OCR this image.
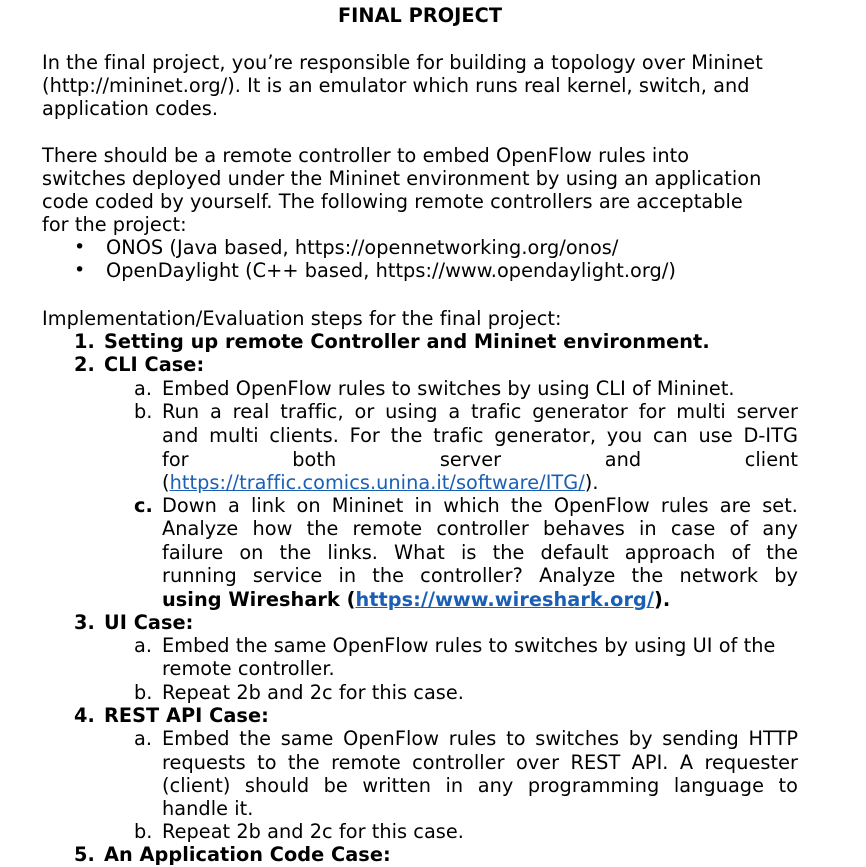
FINAL PROJECT

In the final project, you’re responsible for building a topology over Mininet

(http://mininet.org/). It is an emulator which runs real kernel, switch, and

application codes.

There should be a remote controller to embed OpenFlow rules into

switches deployed under the Mininet environment by using an application

code coded by yourself. The following remote controllers are acceptable

for the project:

• ONOS (Java based, https://opennetworking.org/onos/

• OpenDaylight (C++ based, https://www.opendaylight.org/)

Implementation/Evaluation steps for the final project:

1. Setting up remote Controller and Mininet environment.

2. CLI Case:

a. Embed OpenFlow rules to switches by using CLI of Mininet.

b. Run a real traffic, or using a trafic generator for multi server

and multi clients. For the trafic generator, you can use D-ITG

for both server and client

(https://traffic.comics.unina.it/software/ITG/).

c. Down a link on Mininet in which the OpenFlow rules are set.

Analyze how the remote controller behaves in case of any

failure on the links. What is the default approach of the

running service in the controller? Analyze the network by

using Wireshark (https://www.wireshark.org/).

3. UI Case:

a. Embed the same OpenFlow rules to switches by using UI of the

remote controller.

b. Repeat 2b and 2c for this case.

4. REST API Case:

a. Embed the same OpenFlow rules to switches by sending HTTP

requests to the remote controller over REST API. A requester

(client) should be written in any programming language to

handle it.

b. Repeat 2b and 2c for this case.

5. An Application Code Case:
